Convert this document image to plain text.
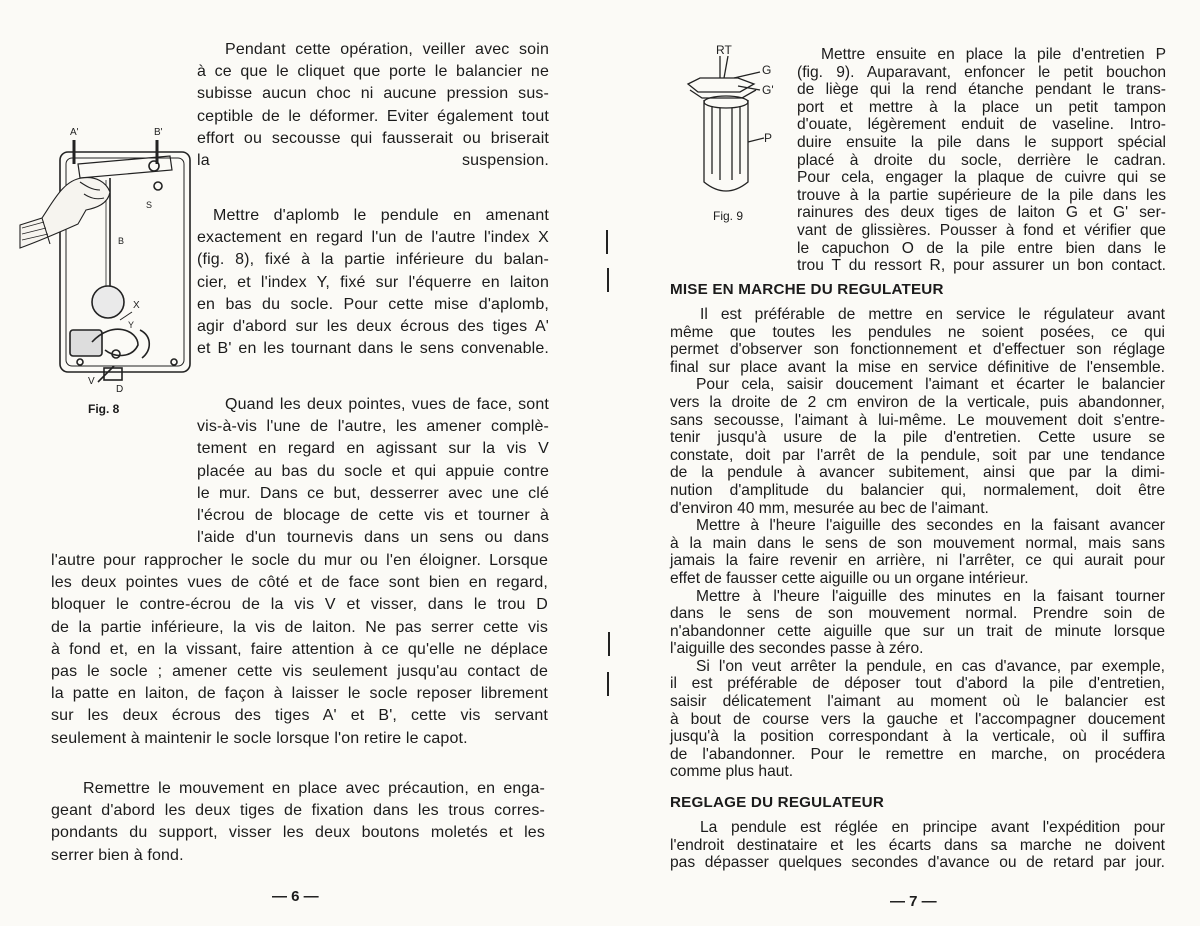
A'	B'
S
B
X
Y
V
D
Fig. 8
Pendant cette opération, veiller avec soin
à ce que le cliquet que porte le balancier ne
subisse aucun choc ni aucune pression sus-
ceptible de le déformer. Eviter également tout
effort ou secousse qui fausserait ou briserait
la suspension.
Mettre d'aplomb le pendule en amenant
exactement en regard l'un de l'autre l'index X
(fig. 8), fixé à la partie inférieure du balan-
cier, et l'index Y, fixé sur l'équerre en laiton
en bas du socle. Pour cette mise d'aplomb,
agir d'abord sur les deux écrous des tiges A'
et B' en les tournant dans le sens convenable.
Quand les deux pointes, vues de face, sont
vis-à-vis l'une de l'autre, les amener complè-
tement en regard en agissant sur la vis V
placée au bas du socle et qui appuie contre
le mur. Dans ce but, desserrer avec une clé
l'écrou de blocage de cette vis et tourner à
l'aide d'un tournevis dans un sens ou dans
l'autre pour rapprocher le socle du mur ou l'en éloigner. Lorsque
les deux pointes vues de côté et de face sont bien en regard,
bloquer le contre-écrou de la vis V et visser, dans le trou D
de la partie inférieure, la vis de laiton. Ne pas serrer cette vis
à fond et, en la vissant, faire attention à ce qu'elle ne déplace
pas le socle ; amener cette vis seulement jusqu'au contact de
la patte en laiton, de façon à laisser le socle reposer librement
sur les deux écrous des tiges A' et B', cette vis servant
seulement à maintenir le socle lorsque l'on retire le capot.
Remettre le mouvement en place avec précaution, en enga-
geant d'abord les deux tiges de fixation dans les trous corres-
pondants du support, visser les deux boutons moletés et les
serrer bien à fond.
— 6 —
RT
G
G'
P
Fig. 9
Mettre ensuite en place la pile d'entretien P
(fig. 9). Auparavant, enfoncer le petit bouchon
de liège qui la rend étanche pendant le trans-
port et mettre à la place un petit tampon
d'ouate, légèrement enduit de vaseline. Intro-
duire ensuite la pile dans le support spécial
placé à droite du socle, derrière le cadran.
Pour cela, engager la plaque de cuivre qui se
trouve à la partie supérieure de la pile dans les
rainures des deux tiges de laiton G et G' ser-
vant de glissières. Pousser à fond et vérifier que
le capuchon O de la pile entre bien dans le
trou T du ressort R, pour assurer un bon contact.
MISE EN MARCHE DU REGULATEUR
Il est préférable de mettre en service le régulateur avant
même que toutes les pendules ne soient posées, ce qui
permet d'observer son fonctionnement et d'effectuer son réglage
final sur place avant la mise en service définitive de l'ensemble.
Pour cela, saisir doucement l'aimant et écarter le balancier
vers la droite de 2 cm environ de la verticale, puis abandonner,
sans secousse, l'aimant à lui-même. Le mouvement doit s'entre-
tenir jusqu'à usure de la pile d'entretien. Cette usure se
constate, doit par l'arrêt de la pendule, soit par une tendance
de la pendule à avancer subitement, ainsi que par la dimi-
nution d'amplitude du balancier qui, normalement, doit être
d'environ 40 mm, mesurée au bec de l'aimant.
Mettre à l'heure l'aiguille des secondes en la faisant avancer
à la main dans le sens de son mouvement normal, mais sans
jamais la faire revenir en arrière, ni l'arrêter, ce qui aurait pour
effet de fausser cette aiguille ou un organe intérieur.
Mettre à l'heure l'aiguille des minutes en la faisant tourner
dans le sens de son mouvement normal. Prendre soin de
n'abandonner cette aiguille que sur un trait de minute lorsque
l'aiguille des secondes passe à zéro.
Si l'on veut arrêter la pendule, en cas d'avance, par exemple,
il est préférable de déposer tout d'abord la pile d'entretien,
saisir délicatement l'aimant au moment où le balancier est
à bout de course vers la gauche et l'accompagner doucement
jusqu'à la position correspondant à la verticale, où il suffira
de l'abandonner. Pour le remettre en marche, on procédera
comme plus haut.
REGLAGE DU REGULATEUR
La pendule est réglée en principe avant l'expédition pour
l'endroit destinataire et les écarts dans sa marche ne doivent
pas dépasser quelques secondes d'avance ou de retard par jour.
— 7 —
